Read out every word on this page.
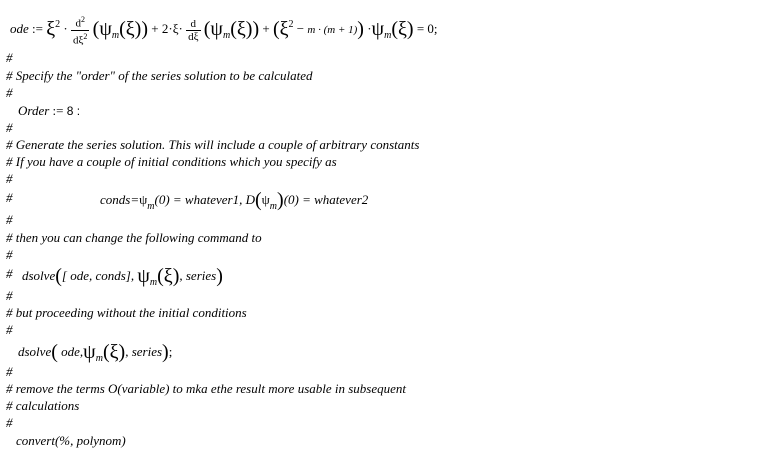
ode := $\xi^2 \cdot \frac{d^2}{d\xi^2} (\psi_m(\xi)) + 2\cdot\xi\cdot \frac{d}{d\xi} (\psi_m(\xi)) + (\xi^2 - m \cdot (m + 1)) \cdot\psi_m(\xi) = 0$;
#
# Specify the "order" of the series solution to be calculated
#
Order := 8 :
#
# Generate the series solution. This will include a couple of arbitrary constants
# If you have a couple of initial conditions which you specify as
#
#	$conds=\psi_m(0)$ = whatever1, $D(\psi_m)(0)$ = whatever2
#
# then you can change the following command to
#
# dsolve([ ode, conds], $\psi_m(\xi)$, series)
#
# but proceeding without the initial conditions
#
dsolve( $ode,\psi_m(\xi)$, series);
#
# remove the terms O(variable) to mka ethe result more usable in subsequent
# calculations
#
convert(%, polynom)
